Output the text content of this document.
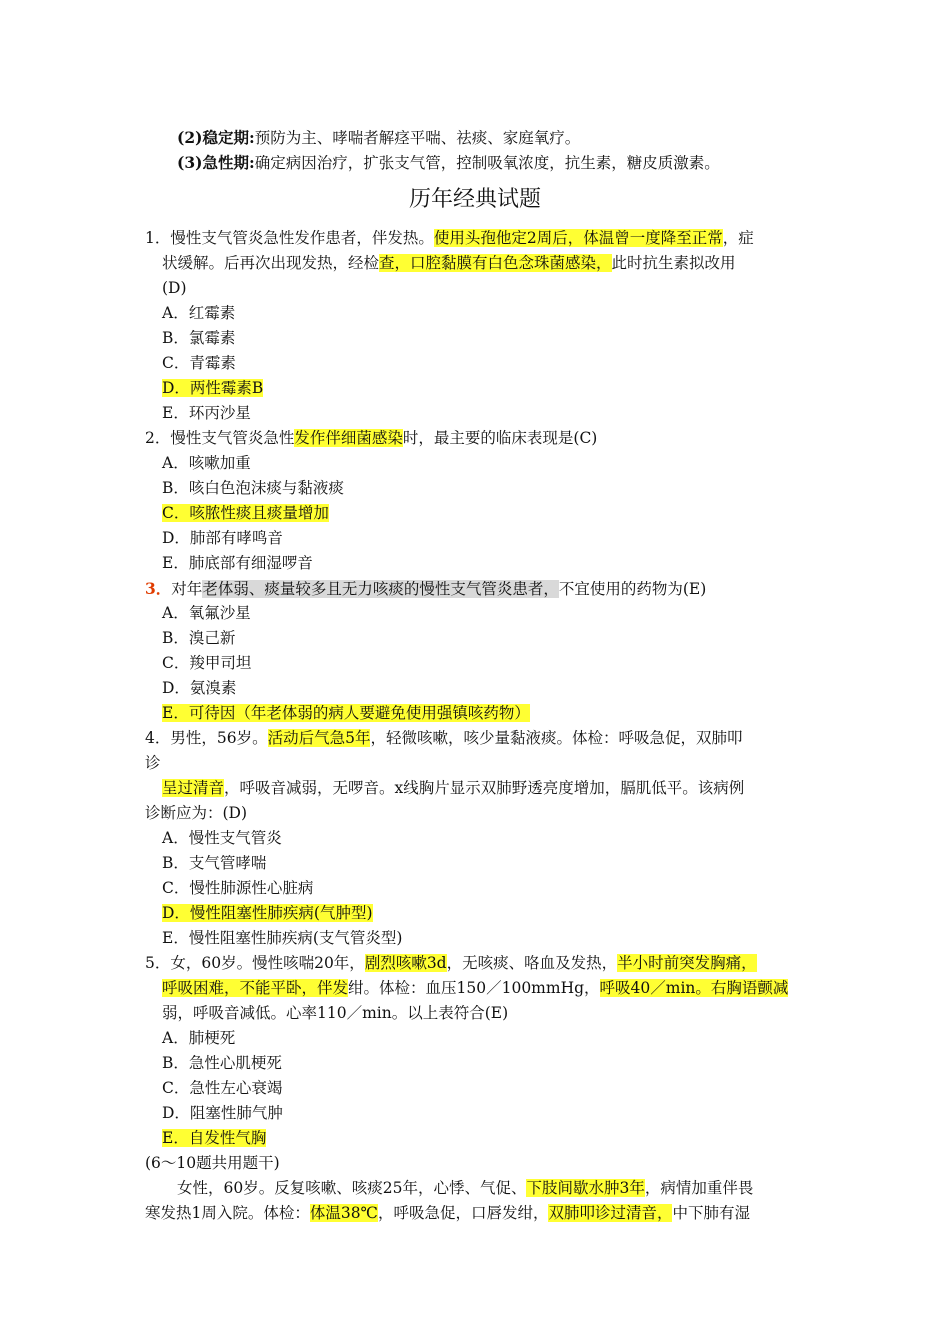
(2)稳定期:预防为主、哮喘者解痉平喘、祛痰、家庭氧疗。
(3)急性期:确定病因治疗，扩张支气管，控制吸氧浓度，抗生素，糖皮质激素。
历年经典试题
1．慢性支气管炎急性发作患者，伴发热。使用头孢他定2周后，体温曾一度降至正常，症
状缓解。后再次出现发热，经检查，口腔黏膜有白色念珠菌感染，此时抗生素拟改用
(D)
A．红霉素
B．氯霉素
C．青霉素
D．两性霉素B
E．环丙沙星
2．慢性支气管炎急性发作伴细菌感染时，最主要的临床表现是(C)
A．咳嗽加重
B．咳白色泡沫痰与黏液痰
C．咳脓性痰且痰量增加
D．肺部有哮鸣音
E．肺底部有细湿啰音
3．对年老体弱、痰量较多且无力咳痰的慢性支气管炎患者，不宜使用的药物为(E)
A．氧氟沙星
B．溴己新
C．羧甲司坦
D．氨溴素
E．可待因（年老体弱的病人要避免使用强镇咳药物）
4．男性，56岁。活动后气急5年，轻微咳嗽，咳少量黏液痰。体检：呼吸急促，双肺叩
诊
呈过清音，呼吸音减弱，无啰音。x线胸片显示双肺野透亮度增加，膈肌低平。该病例
诊断应为：(D)
A．慢性支气管炎
B．支气管哮喘
C．慢性肺源性心脏病
D．慢性阻塞性肺疾病(气肿型)
E．慢性阻塞性肺疾病(支气管炎型)
5．女，60岁。慢性咳喘20年，剧烈咳嗽3d，无咳痰、咯血及发热，半小时前突发胸痛，
呼吸困难，不能平卧，伴发绀。体检：血压150／100mmHg，呼吸40／min。右胸语颤减
弱，呼吸音减低。心率110／min。以上表符合(E)
A．肺梗死
B．急性心肌梗死
C．急性左心衰竭
D．阻塞性肺气肿
E．自发性气胸
(6～10题共用题干)
女性，60岁。反复咳嗽、咳痰25年，心悸、气促、下肢间歇水肿3年，病情加重伴畏
寒发热1周入院。体检：体温38℃，呼吸急促，口唇发绀，双肺叩诊过清音，中下肺有湿
